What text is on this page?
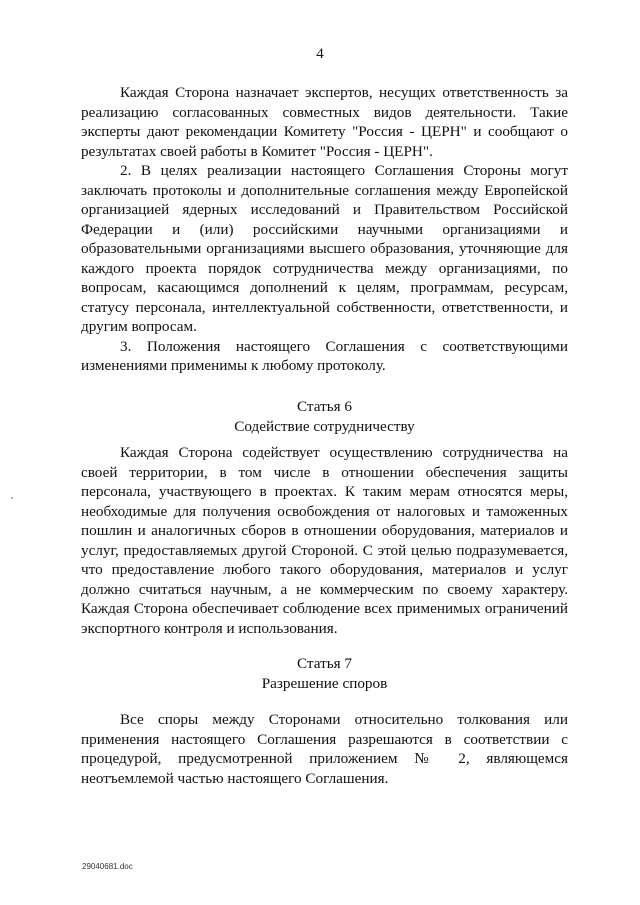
4

Каждая Сторона назначает экспертов, несущих ответственность за реализацию согласованных совместных видов деятельности. Такие эксперты дают рекомендации Комитету "Россия - ЦЕРН" и сообщают о результатах своей работы в Комитет "Россия - ЦЕРН".

2. В целях реализации настоящего Соглашения Стороны могут заключать протоколы и дополнительные соглашения между Европейской организацией ядерных исследований и Правительством Российской Федерации и (или) российскими научными организациями и образовательными организациями высшего образования, уточняющие для каждого проекта порядок сотрудничества между организациями, по вопросам, касающимся дополнений к целям, программам, ресурсам, статусу персонала, интеллектуальной собственности, ответственности, и другим вопросам.

3. Положения настоящего Соглашения с соответствующими изменениями применимы к любому протоколу.

Статья 6

Содействие сотрудничеству

Каждая Сторона содействует осуществлению сотрудничества на своей территории, в том числе в отношении обеспечения защиты персонала, участвующего в проектах. К таким мерам относятся меры, необходимые для получения освобождения от налоговых и таможенных пошлин и аналогичных сборов в отношении оборудования, материалов и услуг, предоставляемых другой Стороной. С этой целью подразумевается, что предоставление любого такого оборудования, материалов и услуг должно считаться научным, а не коммерческим по своему характеру. Каждая Сторона обеспечивает соблюдение всех применимых ограничений экспортного контроля и использования.

Статья 7

Разрешение споров

Все споры между Сторонами относительно толкования или применения настоящего Соглашения разрешаются в соответствии с процедурой, предусмотренной приложением № 2, являющемся неотъемлемой частью настоящего Соглашения.

29040681.doc
